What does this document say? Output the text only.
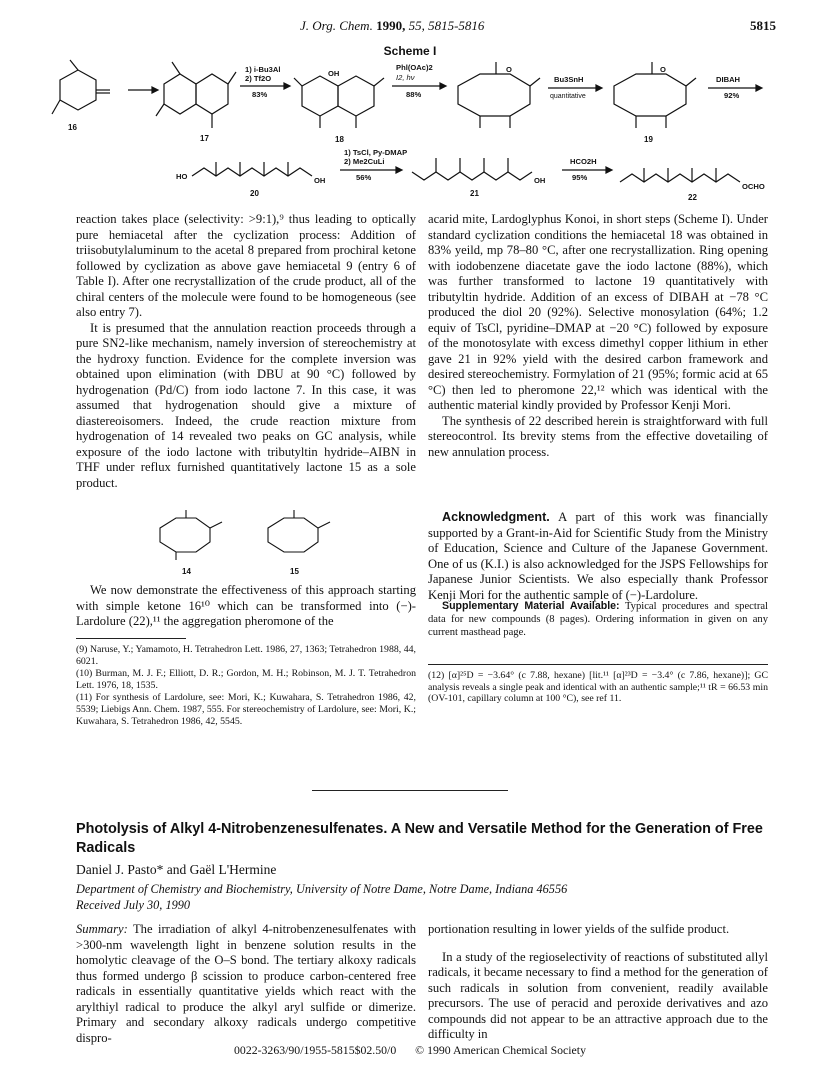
J. Org. Chem. 1990, 55, 5815-5816	5815
Scheme I
16
17
1) i-Bu3Al
2) Tf2O
83%
OH
18
Phl(OAc)2
I2, hν
88%
O
Bu3SnH
quantitative
O
19
DIBAH
92%
HO	OH
20
1) TsCl, Py-DMAP
2) Me2CuLi
56%	OH
21
HCO2H
95%
OCHO
22

reaction takes place (selectivity: >9:1),⁹ thus leading to optically pure hemiacetal after the cyclization process: Addition of triisobutylaluminum to the acetal 8 prepared from prochiral ketone followed by cyclization as above gave hemiacetal 9 (entry 6 of Table I). After one recrystallization of the crude product, all of the chiral centers of the molecule were found to be homogeneous (see also entry 7).

It is presumed that the annulation reaction proceeds through a pure SN2-like mechanism, namely inversion of stereochemistry at the hydroxy function. Evidence for the complete inversion was obtained upon elimination (with DBU at 90 °C) followed by hydrogenation (Pd/C) from iodo lactone 7. In this case, it was assumed that hydrogenation should give a mixture of diastereoisomers. Indeed, the crude reaction mixture from hydrogenation of 14 revealed two peaks on GC analysis, while exposure of the iodo lactone with tributyltin hydride–AIBN in THF under reflux furnished quantitatively lactone 15 as a sole product.

14	15

We now demonstrate the effectiveness of this approach starting with simple ketone 16¹⁰ which can be transformed into (−)-Lardolure (22),¹¹ the aggregation pheromone of the

(9) Naruse, Y.; Yamamoto, H. Tetrahedron Lett. 1986, 27, 1363; Tetrahedron 1988, 44, 6021.
(10) Burman, M. J. F.; Elliott, D. R.; Gordon, M. H.; Robinson, M. J. T. Tetrahedron Lett. 1976, 18, 1535.
(11) For synthesis of Lardolure, see: Mori, K.; Kuwahara, S. Tetrahedron 1986, 42, 5539; Liebigs Ann. Chem. 1987, 555. For stereochemistry of Lardolure, see: Mori, K.; Kuwahara, S. Tetrahedron 1986, 42, 5545.

acarid mite, Lardoglyphus Konoi, in short steps (Scheme I). Under standard cyclization conditions the hemiacetal 18 was obtained in 83% yeild, mp 78–80 °C, after one recrystallization. Ring opening with iodobenzene diacetate gave the iodo lactone (88%), which was further transformed to lactone 19 quantitatively with tributyltin hydride. Addition of an excess of DIBAH at −78 °C produced the diol 20 (92%). Selective monosylation (64%; 1.2 equiv of TsCl, pyridine–DMAP at −20 °C) followed by exposure of the monotosylate with excess dimethyl copper lithium in ether gave 21 in 92% yield with the desired carbon framework and desired stereochemistry. Formylation of 21 (95%; formic acid at 65 °C) then led to pheromone 22,¹² which was identical with the authentic material kindly provided by Professor Kenji Mori.

The synthesis of 22 described herein is straightforward with full stereocontrol. Its brevity stems from the effective dovetailing of new annulation process.

Acknowledgment. A part of this work was financially supported by a Grant-in-Aid for Scientific Study from the Ministry of Education, Science and Culture of the Japanese Government. One of us (K.I.) is also acknowledged for the JSPS Fellowships for Japanese Junior Scientists. We also especially thank Professor Kenji Mori for the authentic sample of (−)-Lardolure.
Supplementary Material Available: Typical procedures and spectral data for new compounds (8 pages). Ordering information in given on any current masthead page.
(12) [α]²⁵D = −3.64° (c 7.88, hexane) [lit.¹¹ [α]²³D = −3.4° (c 7.86, hexane)]; GC analysis reveals a single peak and identical with an authentic sample;¹¹ tR = 66.53 min (OV-101, capillary column at 100 °C), see ref 11.
Photolysis of Alkyl 4-Nitrobenzenesulfenates. A New and Versatile Method for the Generation of Free Radicals
Daniel J. Pasto* and Gaël L'Hermine
Department of Chemistry and Biochemistry, University of Notre Dame, Notre Dame, Indiana 46556
Received July 30, 1990

Summary: The irradiation of alkyl 4-nitrobenzenesulfenates with >300-nm wavelength light in benzene solution results in the homolytic cleavage of the O–S bond. The tertiary alkoxy radicals thus formed undergo β scission to produce carbon-centered free radicals in essentially quantitative yields which react with the arylthiyl radical to produce the alkyl aryl sulfide or dimerize. Primary and secondary alkoxy radicals undergo competitive dispro-

portionation resulting in lower yields of the sulfide product.

In a study of the regioselectivity of reactions of substituted allyl radicals, it became necessary to find a method for the generation of such radicals in solution from convenient, readily available precursors. The use of peracid and peroxide derivatives and azo compounds did not appear to be an attractive approach due to the difficulty in

0022-3263/90/1955-5815$02.50/0 © 1990 American Chemical Society
